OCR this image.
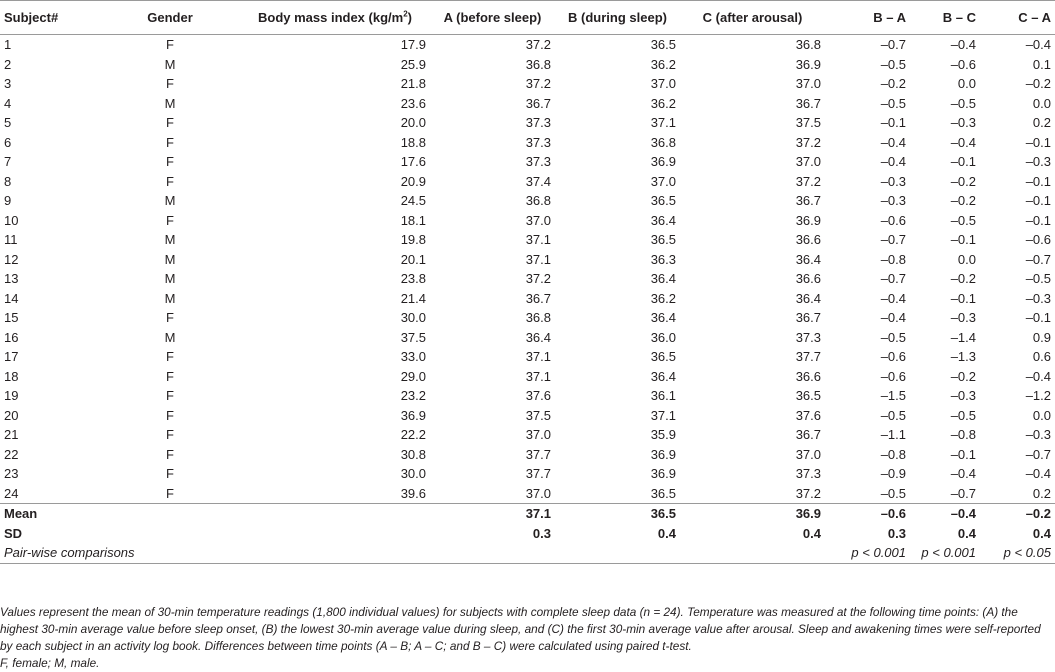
Subject#	Gender	Body mass index $(kg/m^2)$	A (before sleep)	B (during sleep)	C (after arousal)	B – A	B – C	C – A
1	F	17.9	37.2	36.5	36.8	–0.7	–0.4	–0.4
2	M	25.9	36.8	36.2	36.9	–0.5	–0.6	0.1
3	F	21.8	37.2	37.0	37.0	–0.2	0.0	–0.2
4	M	23.6	36.7	36.2	36.7	–0.5	–0.5	0.0
5	F	20.0	37.3	37.1	37.5	–0.1	–0.3	0.2
6	F	18.8	37.3	36.8	37.2	–0.4	–0.4	–0.1
7	F	17.6	37.3	36.9	37.0	–0.4	–0.1	–0.3
8	F	20.9	37.4	37.0	37.2	–0.3	–0.2	–0.1
9	M	24.5	36.8	36.5	36.7	–0.3	–0.2	–0.1
10	F	18.1	37.0	36.4	36.9	–0.6	–0.5	–0.1
11	M	19.8	37.1	36.5	36.6	–0.7	–0.1	–0.6
12	M	20.1	37.1	36.3	36.4	–0.8	0.0	–0.7
13	M	23.8	37.2	36.4	36.6	–0.7	–0.2	–0.5
14	M	21.4	36.7	36.2	36.4	–0.4	–0.1	–0.3
15	F	30.0	36.8	36.4	36.7	–0.4	–0.3	–0.1
16	M	37.5	36.4	36.0	37.3	–0.5	–1.4	0.9
17	F	33.0	37.1	36.5	37.7	–0.6	–1.3	0.6
18	F	29.0	37.1	36.4	36.6	–0.6	–0.2	–0.4
19	F	23.2	37.6	36.1	36.5	–1.5	–0.3	–1.2
20	F	36.9	37.5	37.1	37.6	–0.5	–0.5	0.0
21	F	22.2	37.0	35.9	36.7	–1.1	–0.8	–0.3
22	F	30.8	37.7	36.9	37.0	–0.8	–0.1	–0.7
23	F	30.0	37.7	36.9	37.3	–0.9	–0.4	–0.4
24	F	39.6	37.0	36.5	37.2	–0.5	–0.7	0.2
Mean			37.1	36.5	36.9	–0.6	–0.4	–0.2
SD			0.3	0.4	0.4	0.3	0.4	0.4
Pair-wise comparisons						p < 0.001	p < 0.001	p < 0.05

Values represent the mean of 30-min temperature readings (1,800 individual values) for subjects with complete sleep data (n = 24). Temperature was measured at the following time points: (A) the highest 30-min average value before sleep onset, (B) the lowest 30-min average value during sleep, and (C) the first 30-min average value after arousal. Sleep and awakening times were self-reported by each subject in an activity log book. Differences between time points (A – B; A – C; and B – C) were calculated using paired t-test.

F, female; M, male.
